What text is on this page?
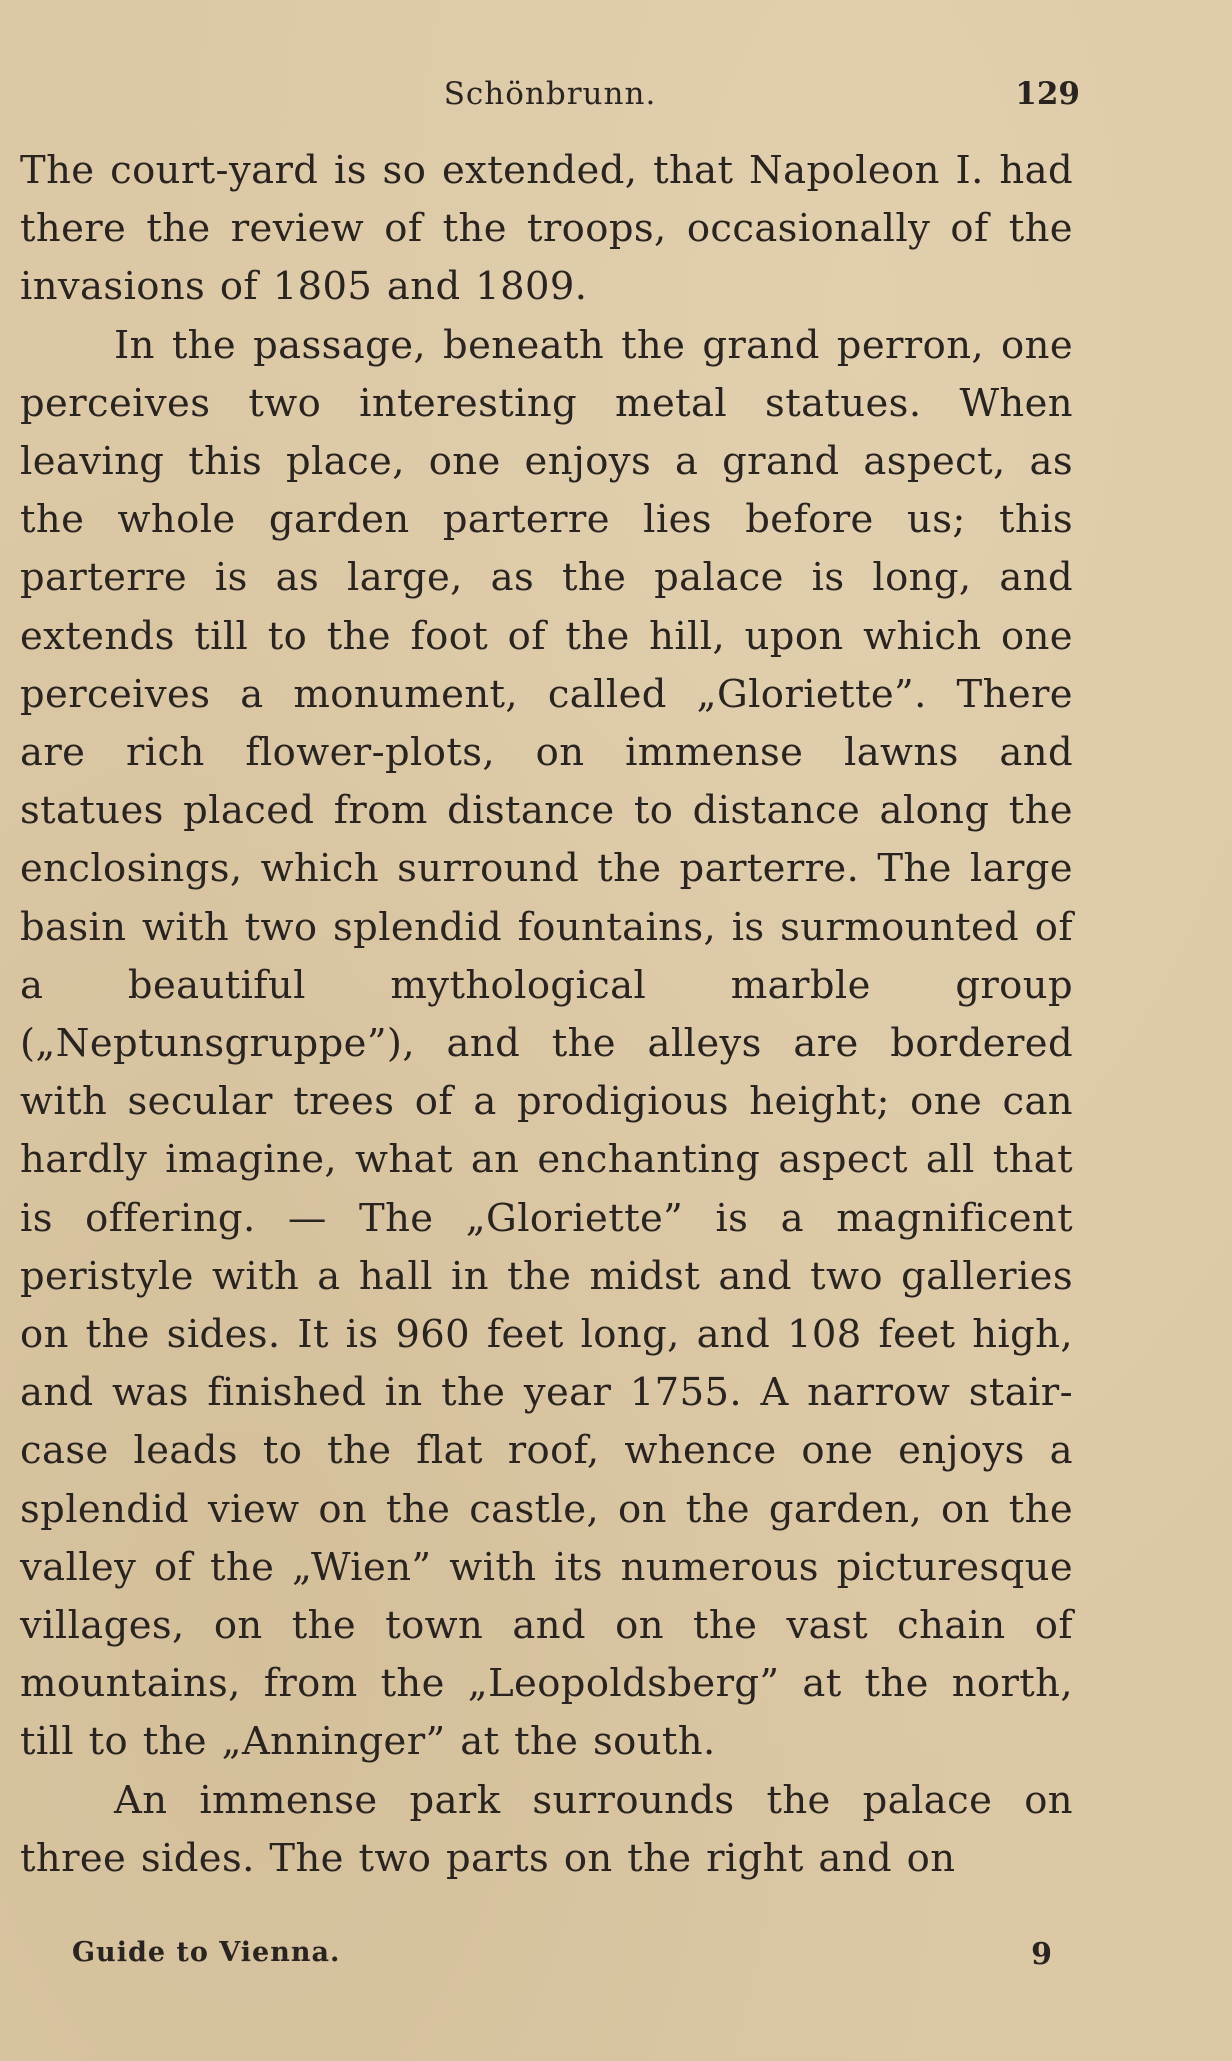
Schönbrunn.	129

The court-yard is so extended, that Napoleon I. had there the review of the troops, occasionally of the invasions of 1805 and 1809.

In the passage, beneath the grand perron, one perceives two interesting metal statues. When leaving this place, one enjoys a grand aspect, as the whole garden parterre lies before us; this parterre is as large, as the palace is long, and extends till to the foot of the hill, upon which one perceives a monument, called „Gloriette”. There are rich flower-plots, on immense lawns and statues placed from distance to distance along the enclosings, which surround the parterre. The large basin with two splendid fountains, is surmounted of a beautiful mythological marble group („Neptunsgruppe”), and the alleys are bordered with secular trees of a prodigious height; one can hardly imagine, what an enchanting aspect all that is offering. — The „Gloriette” is a magnificent peristyle with a hall in the midst and two galleries on the sides. It is 960 feet long, and 108 feet high, and was finished in the year 1755. A narrow stair-case leads to the flat roof, whence one enjoys a splendid view on the castle, on the garden, on the valley of the „Wien” with its numerous picturesque villages, on the town and on the vast chain of mountains, from the „Leopoldsberg” at the north, till to the „Anninger” at the south.

An immense park surrounds the palace on three sides. The two parts on the right and on

Guide to Vienna.	9
